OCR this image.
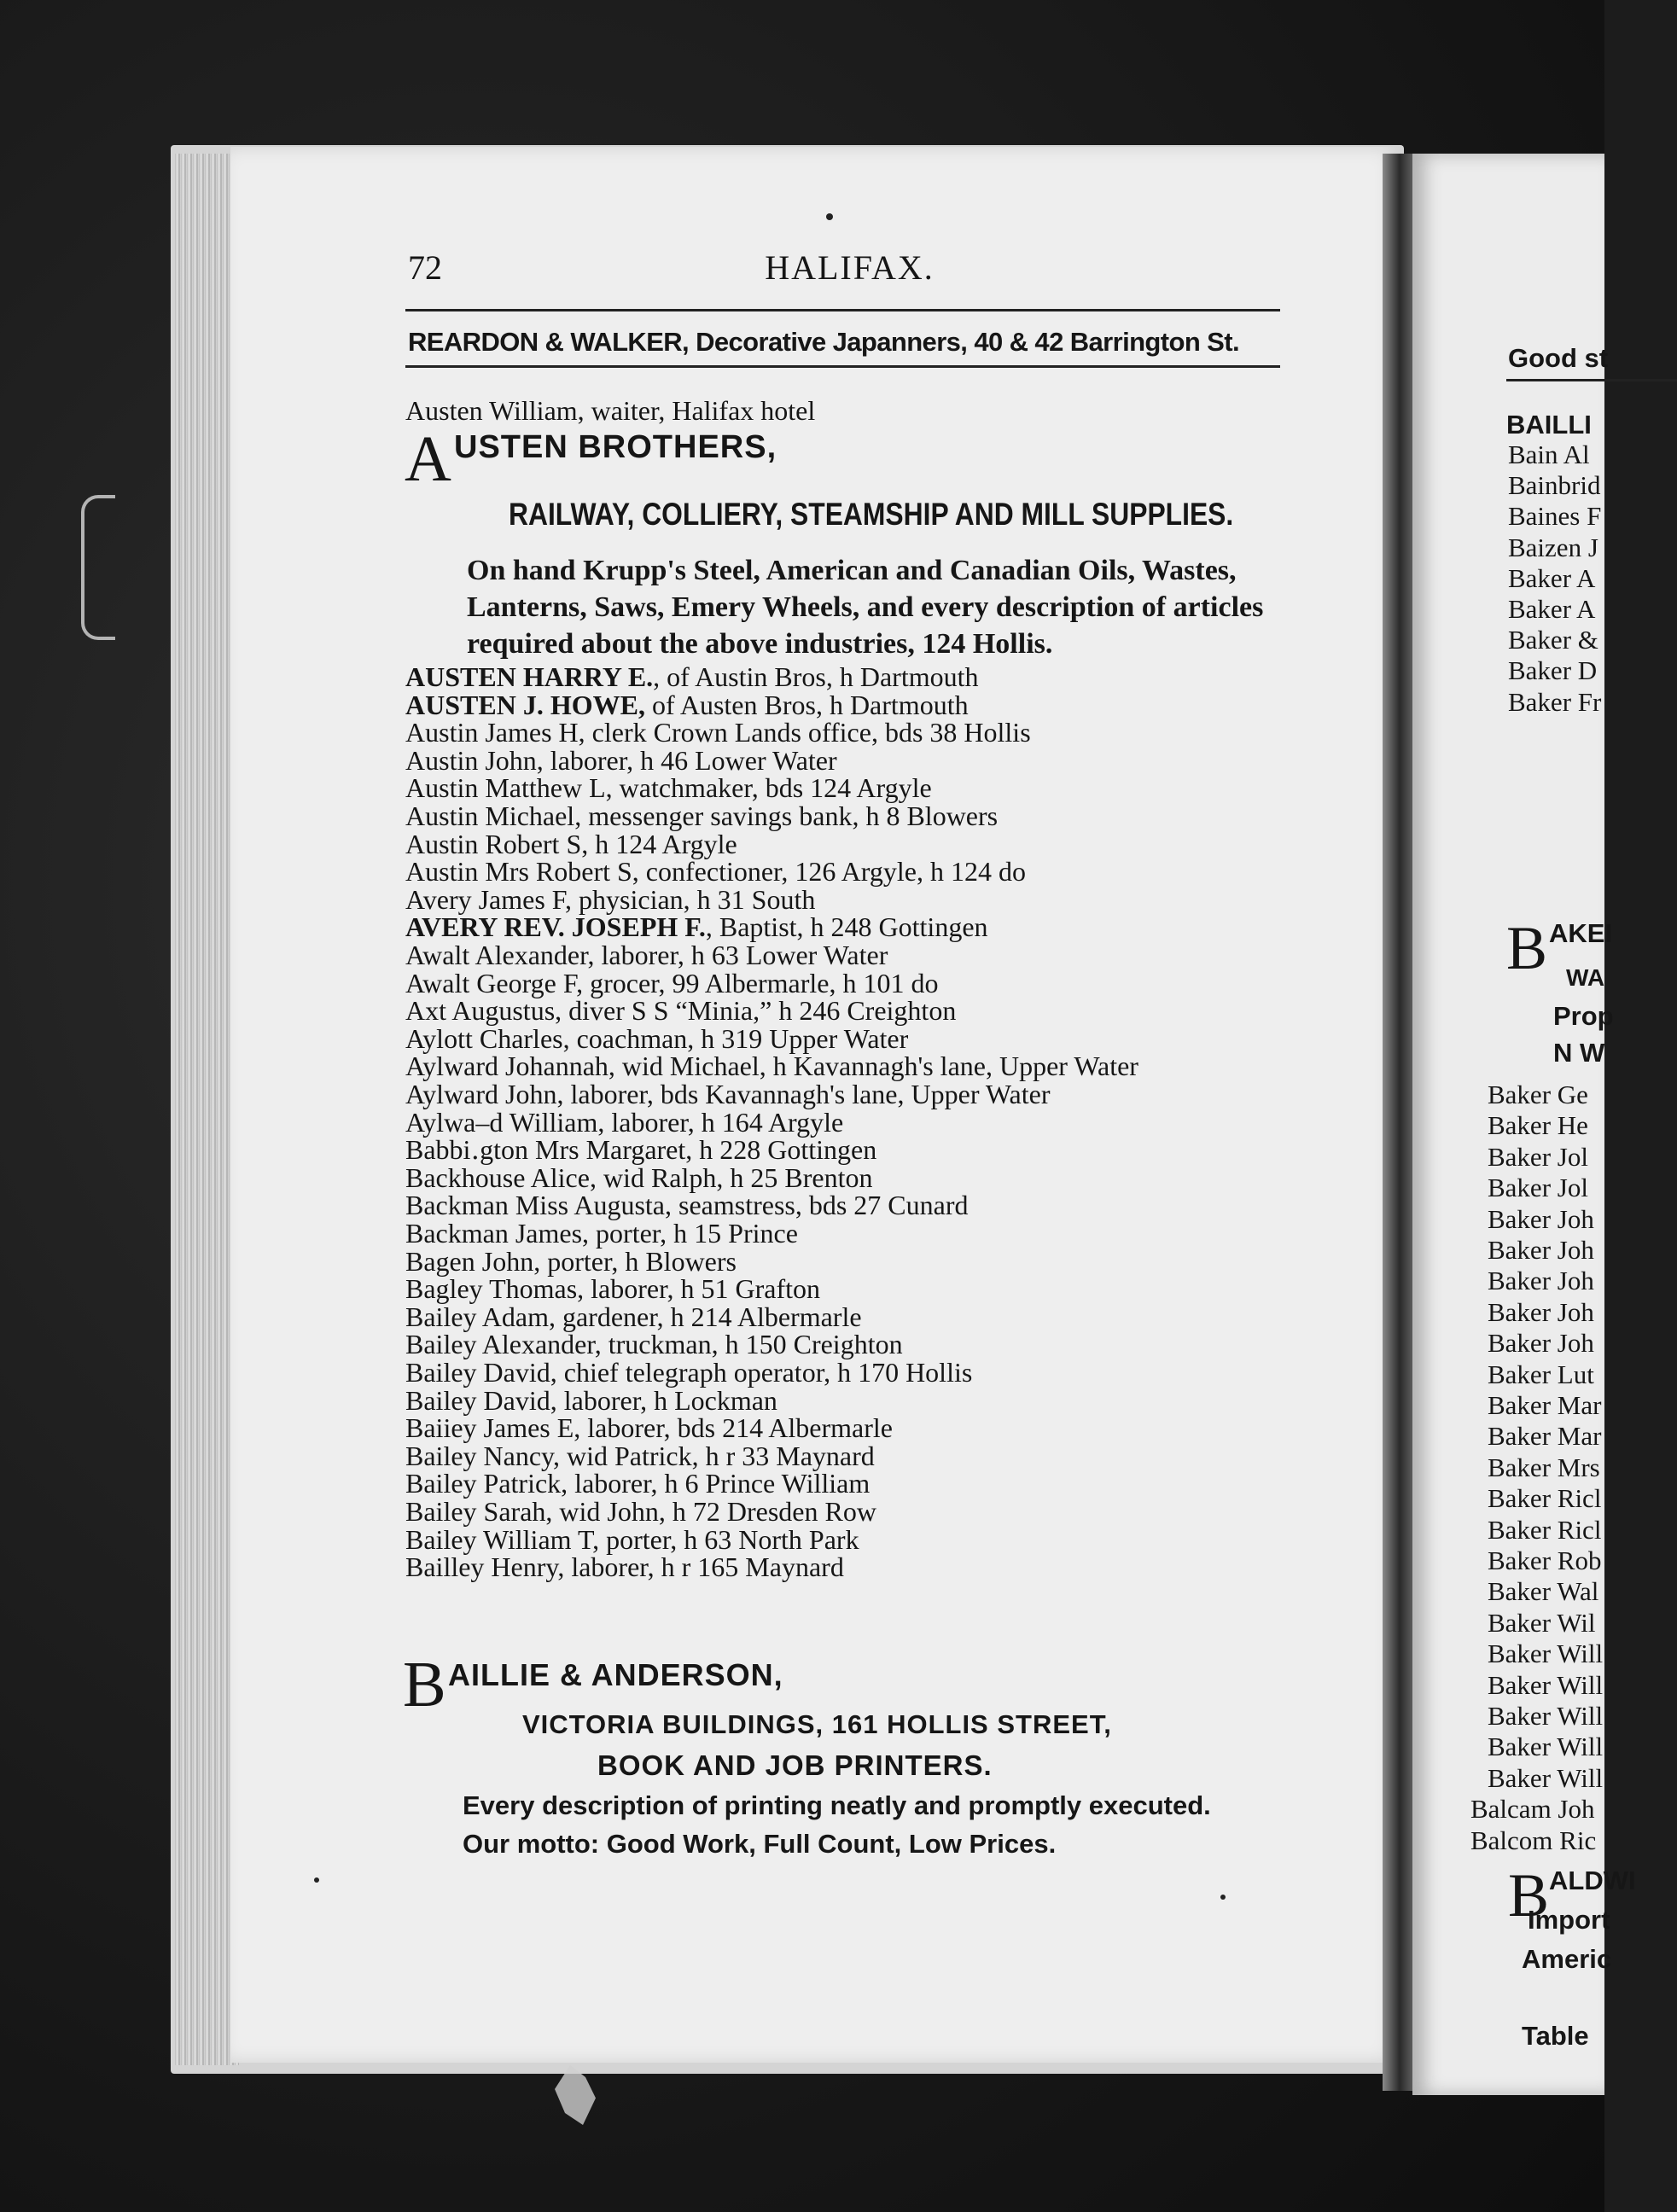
72	HALIFAX.
REARDON & WALKER, Decorative Japanners, 40 & 42 Barrington St.
Austen William, waiter, Halifax hotel
A USTEN BROTHERS,
RAILWAY, COLLIERY, STEAMSHIP AND MILL SUPPLIES.
On hand Krupp's Steel, American and Canadian Oils, Wastes,
Lanterns, Saws, Emery Wheels, and every description of articles
required about the above industries, 124 Hollis.
AUSTEN HARRY E., of Austin Bros, h Dartmouth
AUSTEN J. HOWE, of Austen Bros, h Dartmouth
Austin James H, clerk Crown Lands office, bds 38 Hollis
Austin John, laborer, h 46 Lower Water
Austin Matthew L, watchmaker, bds 124 Argyle
Austin Michael, messenger savings bank, h 8 Blowers
Austin Robert S, h 124 Argyle
Austin Mrs Robert S, confectioner, 126 Argyle, h 124 do
Avery James F, physician, h 31 South
AVERY REV. JOSEPH F., Baptist, h 248 Gottingen
Awalt Alexander, laborer, h 63 Lower Water
Awalt George F, grocer, 99 Albermarle, h 101 do
Axt Augustus, diver S S “Minia,” h 246 Creighton
Aylott Charles, coachman, h 319 Upper Water
Aylward Johannah, wid Michael, h Kavannagh's lane, Upper Water
Aylward John, laborer, bds Kavannagh's lane, Upper Water
Aylwa‒d William, laborer, h 164 Argyle
Babbi․gton Mrs Margaret, h 228 Gottingen
Backhouse Alice, wid Ralph, h 25 Brenton
Backman Miss Augusta, seamstress, bds 27 Cunard
Backman James, porter, h 15 Prince
Bagen John, porter, h Blowers
Bagley Thomas, laborer, h 51 Grafton
Bailey Adam, gardener, h 214 Albermarle
Bailey Alexander, truckman, h 150 Creighton
Bailey David, chief telegraph operator, h 170 Hollis
Bailey David, laborer, h Lockman
Baiiey James E, laborer, bds 214 Albermarle
Bailey Nancy, wid Patrick, h r 33 Maynard
Bailey Patrick, laborer, h 6 Prince William
Bailey Sarah, wid John, h 72 Dresden Row
Bailey William T, porter, h 63 North Park
Bailley Henry, laborer, h r 165 Maynard
B AILLIE & ANDERSON,
VICTORIA BUILDINGS, 161 HOLLIS STREET,
BOOK AND JOB PRINTERS.
Every description of printing neatly and promptly executed.
Our motto: Good Work, Full Count, Low Prices.
Good st
BAILLI
Bain Al
Bainbrid
Baines F
Baizen J
Baker A
Baker A
Baker &
Baker D
Baker Fr
B AKEI
WA
Prop
N W
Baker Ge
Baker He
Baker Jol
Baker Jol
Baker Joh
Baker Joh
Baker Joh
Baker Joh
Baker Joh
Baker Lut
Baker Mar
Baker Mar
Baker Mrs
Baker Ricl
Baker Ricl
Baker Rob
Baker Wal
Baker Wil
Baker Will
Baker Will
Baker Will
Baker Will
Baker Will
Balcam Joh
Balcom Ric
B ALDWI
Import
Americ
Table
